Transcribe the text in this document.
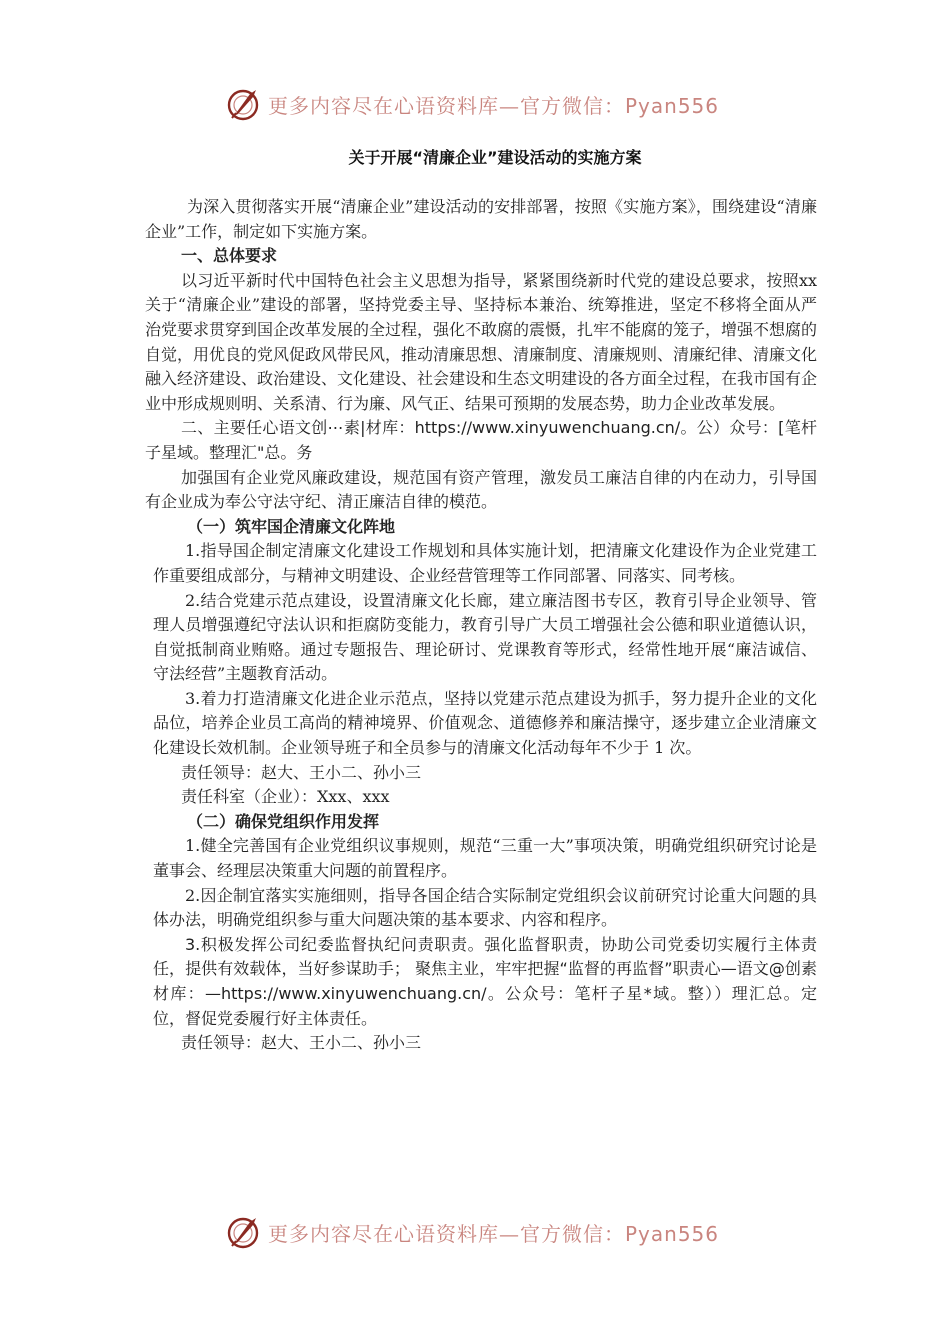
更多内容尽在心语资料库—官方微信：Pyan556
关于开展“清廉企业”建设活动的实施方案

为深入贯彻落实开展“清廉企业”建设活动的安排部署，按照《实施方案》，围绕建设“清廉企业”工作，制定如下实施方案。

一、总体要求

以习近平新时代中国特色社会主义思想为指导，紧紧围绕新时代党的建设总要求，按照xx关于“清廉企业”建设的部署，坚持党委主导、坚持标本兼治、统筹推进，坚定不移将全面从严治党要求贯穿到国企改革发展的全过程，强化不敢腐的震慑，扎牢不能腐的笼子，增强不想腐的自觉，用优良的党风促政风带民风，推动清廉思想、清廉制度、清廉规则、清廉纪律、清廉文化融入经济建设、政治建设、文化建设、社会建设和生态文明建设的各方面全过程，在我市国有企业中形成规则明、关系清、行为廉、风气正、结果可预期的发展态势，助力企业改革发展。

二、主要任心语文创⋯素|材库：https://www.xinyuwenchuang.cn/。公）众号：[笔杆子星域。整理汇"总。务

加强国有企业党风廉政建设，规范国有资产管理，激发员工廉洁自律的内在动力，引导国有企业成为奉公守法守纪、清正廉洁自律的模范。

（一）筑牢国企清廉文化阵地

1.指导国企制定清廉文化建设工作规划和具体实施计划，把清廉文化建设作为企业党建工作重要组成部分，与精神文明建设、企业经营管理等工作同部署、同落实、同考核。

2.结合党建示范点建设，设置清廉文化长廊，建立廉洁图书专区，教育引导企业领导、管理人员增强遵纪守法认识和拒腐防变能力，教育引导广大员工增强社会公德和职业道德认识，自觉抵制商业贿赂。通过专题报告、理论研讨、党课教育等形式，经常性地开展“廉洁诚信、守法经营”主题教育活动。

3.着力打造清廉文化进企业示范点，坚持以党建示范点建设为抓手，努力提升企业的文化品位，培养企业员工高尚的精神境界、价值观念、道德修养和廉洁操守，逐步建立企业清廉文化建设长效机制。企业领导班子和全员参与的清廉文化活动每年不少于 1 次。

责任领导：赵大、王小二、孙小三

责任科室（企业）：Xxx、xxx

（二）确保党组织作用发挥

1.健全完善国有企业党组织议事规则，规范“三重一大”事项决策，明确党组织研究讨论是董事会、经理层决策重大问题的前置程序。

2.因企制宜落实实施细则，指导各国企结合实际制定党组织会议前研究讨论重大问题的具体办法，明确党组织参与重大问题决策的基本要求、内容和程序。

3.积极发挥公司纪委监督执纪问责职责。强化监督职责，协助公司党委切实履行主体责任，提供有效载体，当好参谋助手； 聚焦主业，牢牢把握“监督的再监督”职责心—语文@创素材库：—https://www.xinyuwenchuang.cn/。公众号：笔杆子星*域。整））理汇总。定位，督促党委履行好主体责任。

责任领导：赵大、王小二、孙小三

更多内容尽在心语资料库—官方微信：Pyan556
